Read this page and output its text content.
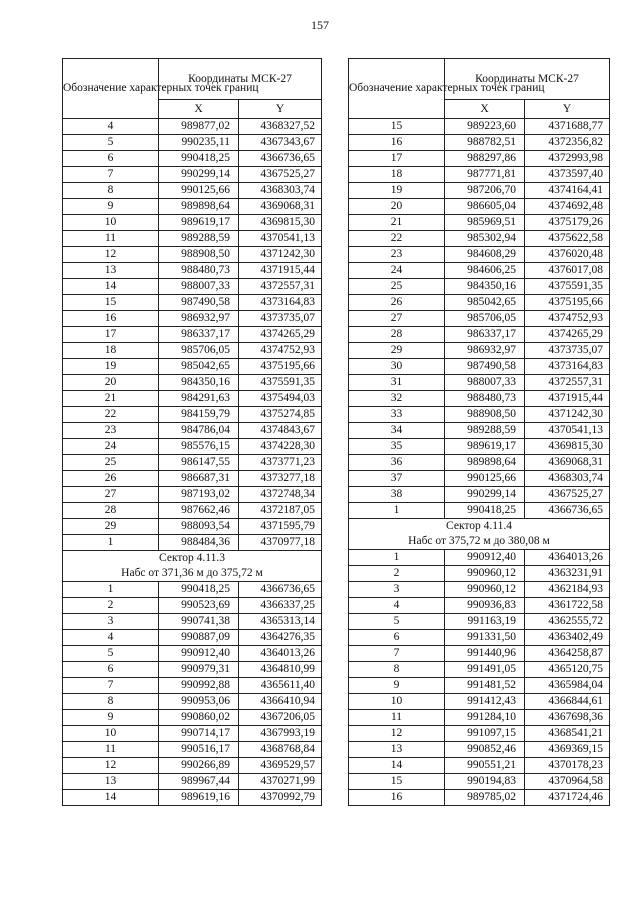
157
Обозначение характерных точек границ	Координаты МСК-27	
	X	Y
4	989877,02	4368327,52
5	990235,11	4367343,67
6	990418,25	4366736,65
7	990299,14	4367525,27
8	990125,66	4368303,74
9	989898,64	4369068,31
10	989619,17	4369815,30
11	989288,59	4370541,13
12	988908,50	4371242,30
13	988480,73	4371915,44
14	988007,33	4372557,31
15	987490,58	4373164,83
16	986932,97	4373735,07
17	986337,17	4374265,29
18	985706,05	4374752,93
19	985042,65	4375195,66
20	984350,16	4375591,35
21	984291,63	4375494,03
22	984159,79	4375274,85
23	984786,04	4374843,67
24	985576,15	4374228,30
25	986147,55	4373771,23
26	986687,31	4373277,18
27	987193,02	4372748,34
28	987662,46	4372187,05
29	988093,54	4371595,79
1	988484,36	4370977,18

Сектор 4.11.3
Набс от 371,36 м до 375,72 м		

1	990418,25	4366736,65
2	990523,69	4366337,25
3	990741,38	4365313,14
4	990887,09	4364276,35
5	990912,40	4364013,26
6	990979,31	4364810,99
7	990992,88	4365611,40
8	990953,06	4366410,94
9	990860,02	4367206,05
10	990714,17	4367993,19
11	990516,17	4368768,84
12	990266,89	4369529,57
13	989967,44	4370271,99
14	989619,16	4370992,79
Обозначение характерных точек границ	Координаты МСК-27	
	X	Y
15	989223,60	4371688,77
16	988782,51	4372356,82
17	988297,86	4372993,98
18	987771,81	4373597,40
19	987206,70	4374164,41
20	986605,04	4374692,48
21	985969,51	4375179,26
22	985302,94	4375622,58
23	984608,29	4376020,48
24	984606,25	4376017,08
25	984350,16	4375591,35
26	985042,65	4375195,66
27	985706,05	4374752,93
28	986337,17	4374265,29
29	986932,97	4373735,07
30	987490,58	4373164,83
31	988007,33	4372557,31
32	988480,73	4371915,44
33	988908,50	4371242,30
34	989288,59	4370541,13
35	989619,17	4369815,30
36	989898,64	4369068,31
37	990125,66	4368303,74
38	990299,14	4367525,27
1	990418,25	4366736,65

Сектор 4.11.4
Набс от 375,72 м до 380,08 м		

1	990912,40	4364013,26
2	990960,12	4363231,91
3	990960,12	4362184,93
4	990936,83	4361722,58
5	991163,19	4362555,72
6	991331,50	4363402,49
7	991440,96	4364258,87
8	991491,05	4365120,75
9	991481,52	4365984,04
10	991412,43	4366844,61
11	991284,10	4367698,36
12	991097,15	4368541,21
13	990852,46	4369369,15
14	990551,21	4370178,23
15	990194,83	4370964,58
16	989785,02	4371724,46
